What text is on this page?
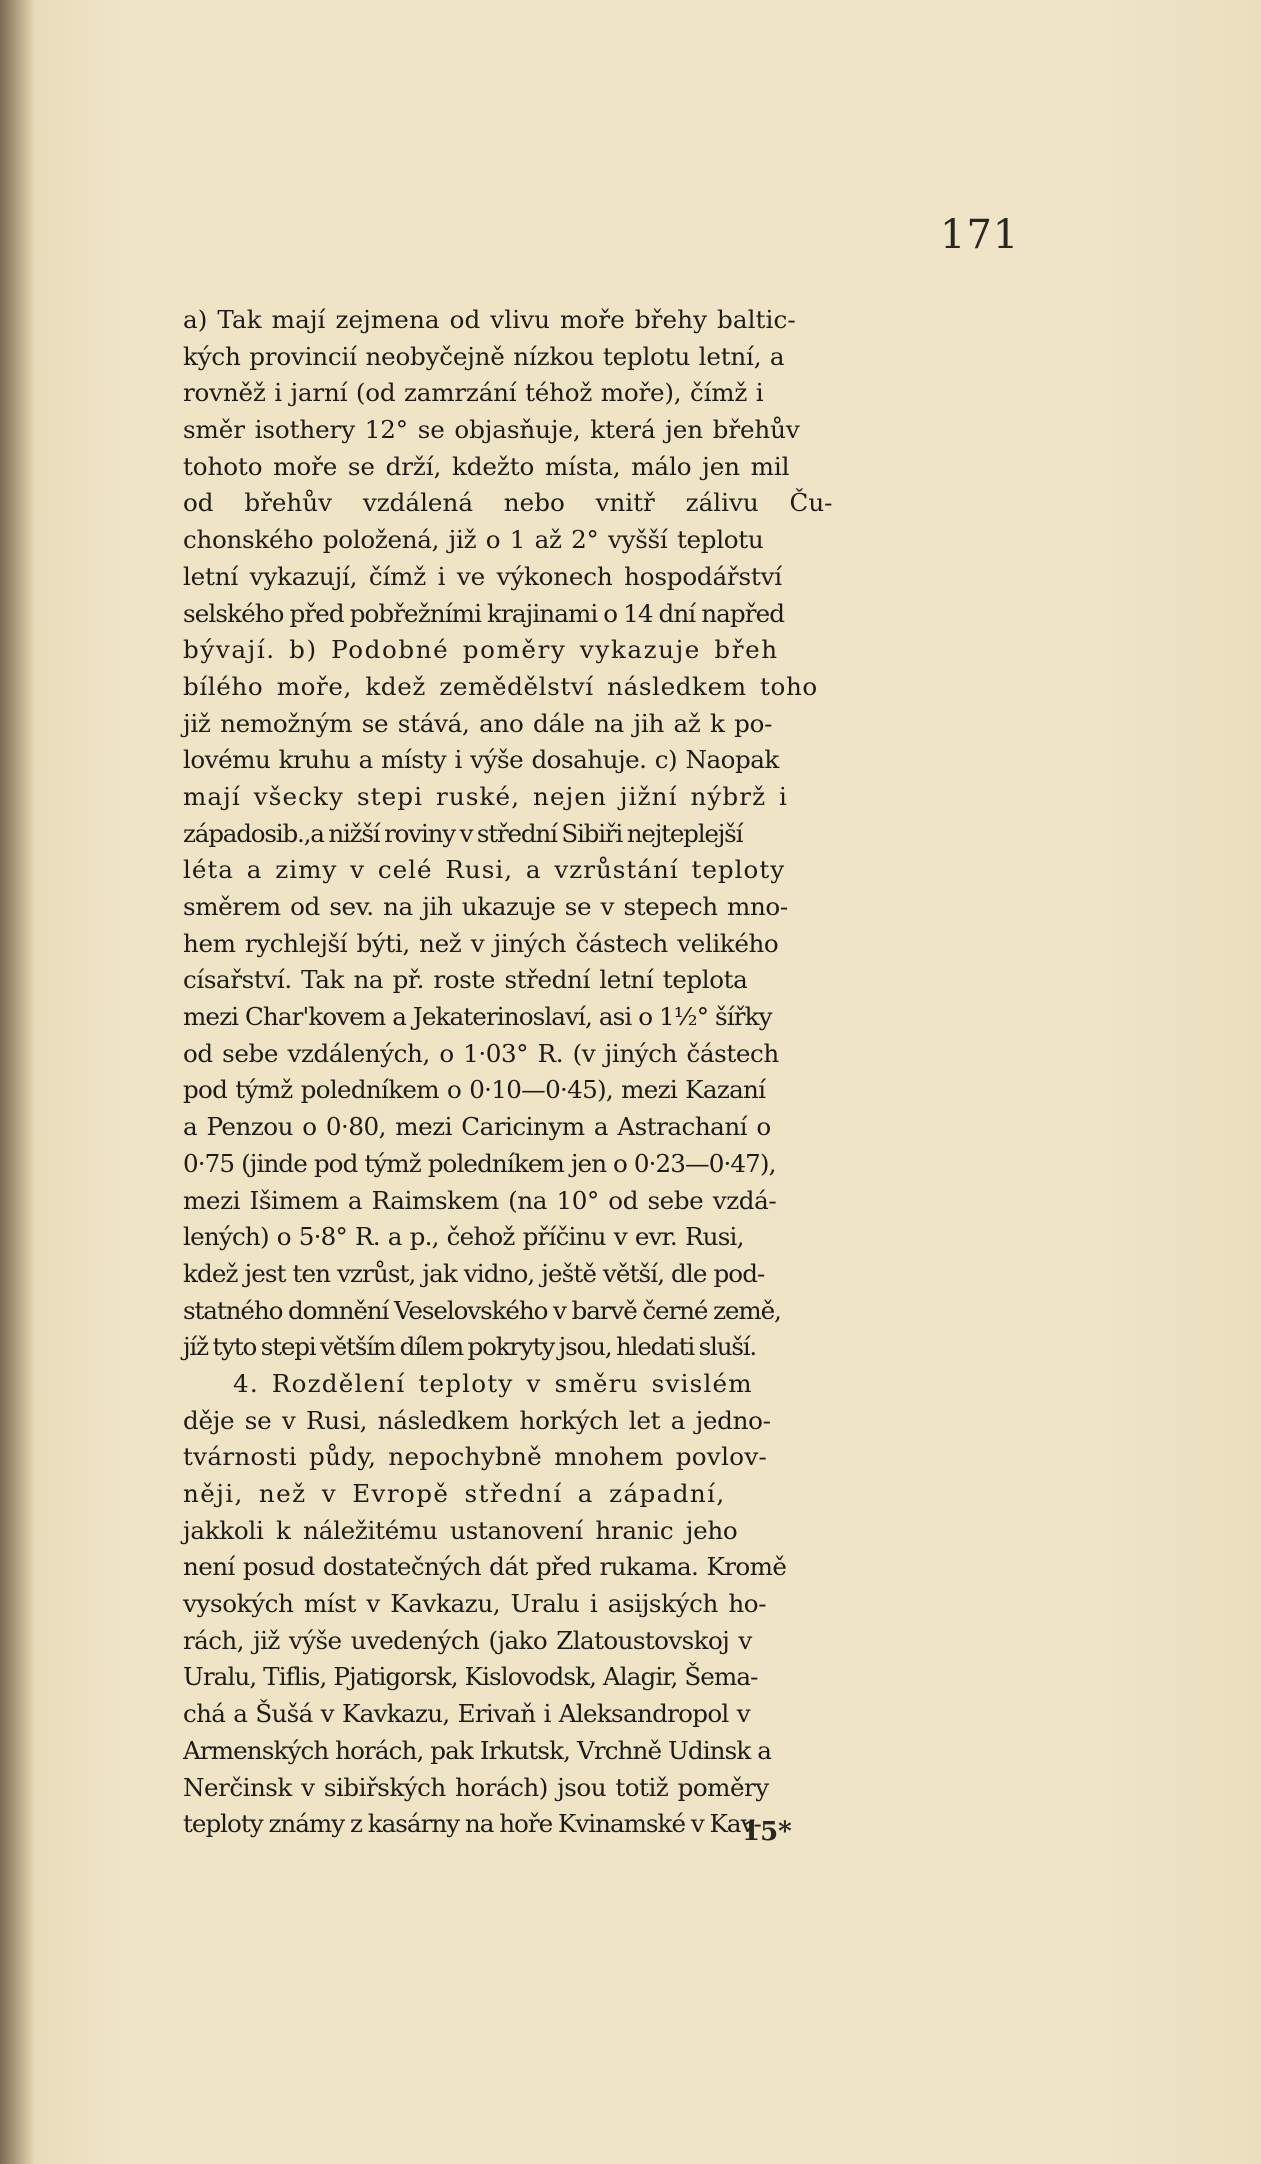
171
a) Tak mají zejmena od vlivu moře břehy baltic-
kých provincií neobyčejně nízkou teplotu letní, a
rovněž i jarní (od zamrzání téhož moře), čímž i
směr isothery 12° se objasňuje, která jen břehův
tohoto moře se drží, kdežto místa, málo jen mil
od břehův vzdálená nebo vnitř zálivu Ču-
chonského položená, již o 1 až 2° vyšší teplotu
letní vykazují, čímž i ve výkonech hospodářství
selského před pobřežními krajinami o 14 dní napřed
bývají. b) Podobné poměry vykazuje břeh
bílého moře, kdež zemědělství následkem toho
již nemožným se stává, ano dále na jih až k po-
lovému kruhu a místy i výše dosahuje. c) Naopak
mají všecky stepi ruské, nejen jižní nýbrž i
západosib.,a nižší roviny v střední Sibiři nejteplejší
léta a zimy v celé Rusi, a vzrůstání teploty
směrem od sev. na jih ukazuje se v stepech mno-
hem rychlejší býti, než v jiných částech velikého
císařství. Tak na př. roste střední letní teplota
mezi Char'kovem a Jekaterinoslaví, asi o 1½° šířky
od sebe vzdálených, o 1·03° R. (v jiných částech
pod týmž poledníkem o 0·10—0·45), mezi Kazaní
a Penzou o 0·80, mezi Caricinym a Astrachaní o
0·75 (jinde pod týmž poledníkem jen o 0·23—0·47),
mezi Išimem a Raimskem (na 10° od sebe vzdá-
lených) o 5·8° R. a p., čehož příčinu v evr. Rusi,
kdež jest ten vzrůst, jak vidno, ještě větší, dle pod-
statného domnění Veselovského v barvě černé země,
jíž tyto stepi větším dílem pokryty jsou, hledati sluší.
4. Rozdělení teploty v směru svislém
děje se v Rusi, následkem horkých let a jedno-
tvárnosti půdy, nepochybně mnohem povlov-
něji, než v Evropě střední a západní,
jakkoli k náležitému ustanovení hranic jeho
není posud dostatečných dát před rukama. Kromě
vysokých míst v Kavkazu, Uralu i asijských ho-
rách, již výše uvedených (jako Zlatoustovskoj v
Uralu, Tiflis, Pjatigorsk, Kislovodsk, Alagir, Šema-
chá a Šušá v Kavkazu, Erivaň i Aleksandropol v
Armenských horách, pak Irkutsk, Vrchně Udinsk a
Nerčinsk v sibiřských horách) jsou totiž poměry
teploty známy z kasárny na hoře Kvinamské v Kav-
15*
